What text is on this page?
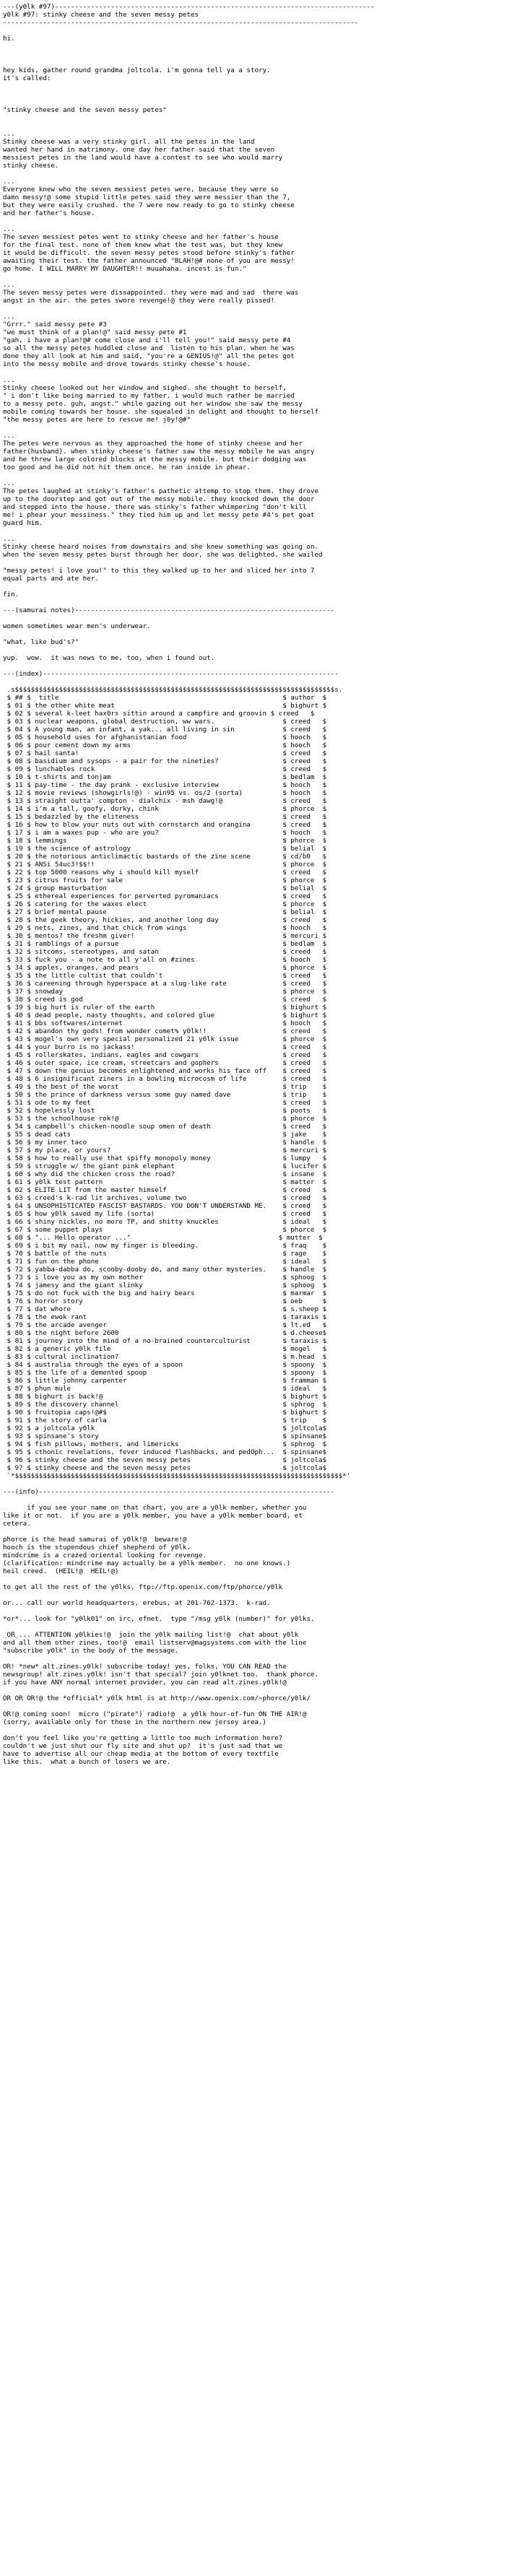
---(y0lk #97)--------------------------------------------------------------------------------
y0lk #97: stinky cheese and the seven messy petes
-----------------------------------------------------------------------------------------
hi.
hey kids, gather round grandma joltcola. i'm gonna tell ya a story.
it's called:
"stinky cheese and the seven messy petes"
...
Stinky cheese was a very stinky girl. all the petes in the land
wanted her hand in matrimony. one day her father said that the seven
messiest petes in the land would have a contest to see who would marry
stinky cheese.
...
Everyone knew who the seven messiest petes were, because they were so
damn messy!@ some stupid little petes said they were messier than the 7,
but they were easily crushed. the 7 were now ready to go to stinky cheese
and her father's house.
...
The seven messiest petes went to stinky cheese and her father's house
for the final test. none of them knew what the test was, but they knew
it would be difficult. the seven messy petes stood before stinky's father
awaiting their test. the father announced "BLAH!@# none of you are messy!
go home. I WILL MARRY MY DAUGHTER!! muuahaha. incest is fun."
...
The seven messy petes were dissappointed. they were mad and sad  there was
angst in the air. the petes swore revenge!@ they were really pissed!
...
"Grrr." said messy pete #3
"we must think of a plan!@" said messy pete #1
"gah, i have a plan!@# come close and i'll tell you!" said messy pete #4
so all the messy petes huddled close and  listen to his plan. when he was
done they all look at him and said, "you're a GENIUS!@" all the petes got
into the messy mobile and drove towards stinky cheese's house.
...
Stinky cheese looked out her window and sighed. she thought to herself,
" i don't like being married to my father. i would much rather be married
to a messy pete. guh, angst." while gazing out her window she saw the messy
mobile coming towards her house. she squealed in delight and thought to herself
"the messy petes are here to rescue me! j0y!@#"
...
The petes were nervous as they approached the home of stinky cheese and her
father(husband). when stinky cheese's father saw the messy mobile he was angry
and he threw large colored blocks at the messy mobile. but their dodging was
too good and he did not hit them once. he ran inside in phear.
...
The petes laughed at stinky's father's pathetic attemp to stop them. they drove
up to the doorstep and got out of the messy mobile. they knocked down the door
and stepped into the house. there was stinky's father whimpering "don't kill
me! i phear your messiness." they tied him up and let messy pete #4's pet goat
guard him.
...
Stinky cheese heard noises from downstairs and she knew something was going on.
when the seven messy petes burst through her door, she was delighted. she wailed
"messy petes! i love you!" to this they walked up to her and sliced her into 7
equal parts and ate her.
fin.
---(samurai notes)-----------------------------------------------------------------
women sometimes wear men's underwear.
"what, like bud's?"
yup.  wow.  it was news to me, too, when i found out.
---(index)--------------------------------------------------------------------------
.s$$$$$$$$$$$$$$$$$$$$$$$$$$$$$$$$$$$$$$$$$$$$$$$$$$$$$$$$$$$$$$$$$$$$$$$$$$$$$$$$s.
$ ## $  title                                                        $ author  $
$ 01 $ the other white meat                                          $ bighurt $
$ 02 $ several k-leet hax0rs sittin around a campfire and groovin $ creed   $
$ 03 $ nuclear weapons, global destruction, ww wars.                 $ creed   $
$ 04 $ A young man, an infant, a yak... all living in sin            $ creed   $
$ 05 $ household uses for afghanistanian food                        $ hooch   $
$ 06 $ pour cement down my arms                                      $ hooch   $
$ 07 $ hail santa!                                                   $ creed   $
$ 08 $ basidium and sysops - a pair for the nineties?                $ creed   $
$ 09 $ lunchables rock                                               $ creed   $
$ 10 $ t-shirts and tonjam                                           $ bedlam  $
$ 11 $ pay-time - the day prank - exclusive interview                $ hooch   $
$ 12 $ movie reviews (showgirls!@) - win95 vs. os/2 (sorta)          $ hooch   $
$ 13 $ straight outta' compton - dialchix - msh dawg!@               $ creed   $
$ 14 $ i'm a tall, goofy, dorky, chink                               $ phorce  $
$ 15 $ bedazzled by the eliteness                                    $ creed   $
$ 16 $ how to blow your nuts out with cornstarch and orangina        $ creed   $
$ 17 $ i am a waxes pup - who are you?                               $ hooch   $
$ 18 $ lemmings                                                      $ phorce  $
$ 19 $ the science of astrology                                      $ belial  $
$ 20 $ the notorious anticlimactic bastards of the zine scene        $ cd/b0   $
$ 21 $ ANSi 54uc3!$$!!                                               $ phorce  $
$ 22 $ top 5000 reasons why i should kill myself                     $ creed   $
$ 23 $ citrus fruits for sale                                        $ phorce  $
$ 24 $ group masturbation                                            $ belial  $
$ 25 $ ethereal experiences for perverted pyromaniacs                $ creed   $
$ 26 $ catering for the waxes elect                                  $ phorce  $
$ 27 $ brief mental pause                                            $ belial  $
$ 28 $ the geek theory, hickies, and another long day                $ creed   $
$ 29 $ nets, zines, and that chick from wings                        $ hooch   $
$ 30 $ mentos? the freshm giver!                                     $ mercuri $
$ 31 $ ramblings of a pursue                                         $ bedlam  $
$ 32 $ sitcoms, stereotypes, and satan                               $ creed   $
$ 33 $ fuck you - a note to all y'all on #zines                      $ hooch   $
$ 34 $ apples, oranges, and pears                                    $ phorce  $
$ 35 $ the little cultist that couldn't                              $ creed   $
$ 36 $ careening through hyperspace at a slug-like rate              $ creed   $
$ 37 $ snowday                                                       $ phorce  $
$ 38 $ creed is god                                                  $ creed   $
$ 39 $ big hurt is ruler of the earth                                $ bighurt $
$ 40 $ dead people, nasty thoughts, and colored glue                 $ bighurt $
$ 41 $ bbs softwares/internet                                        $ hooch   $
$ 42 $ abandon thy gods! from wonder comet% y0lk!!                   $ creed   $
$ 43 $ mogel's own very special personalized 21 y0lk issue           $ phorce  $
$ 44 $ your burro is no jackass!                                     $ creed   $
$ 45 $ rollerskates, indians, eagles and cowgars                     $ creed   $
$ 46 $ outer space, ice cream, streetcars and gophers                $ creed   $
$ 47 $ down the genius becomes enlightened and works his face off    $ creed   $
$ 48 $ 6 insignificant ziners in a bowling microcosm of life         $ creed   $
$ 49 $ the best of the worst                                         $ trip    $
$ 50 $ the prince of darkness versus some guy named dave             $ trip    $
$ 51 $ ode to my feet                                                $ creed   $
$ 52 $ hopelessly lost                                               $ poots   $
$ 53 $ the schoolhouse rok!@                                         $ phorce  $
$ 54 $ campbell's chicken-noodle soup omen of death                  $ creed   $
$ 55 $ dead cats                                                     $ jake    $
$ 56 $ my inner taco                                                 $ handle  $
$ 57 $ my place, or yours?                                           $ mercuri $
$ 58 $ how to really use that spiffy monopoly money                  $ lumpy   $
$ 59 $ struggle w/ the giant pink elephant                           $ lucifer $
$ 60 $ why did the chicken cross the road?                           $ insane  $
$ 61 $ y0lk test pattern                                             $ matter  $
$ 62 $ ELITE LIT from the master himself                             $ creed   $
$ 63 $ creed's k-rad lit archives, volume two                        $ creed   $
$ 64 $ UNSOPHISTICATED FASCIST BASTARDS. YOU DON'T UNDERSTAND ME.    $ creed   $
$ 65 $ how y0lk saved my life (sorta)                                $ creed   $
$ 66 $ shiny nickles, no more TP, and shitty knuckles                $ ideal   $
$ 67 $ some puppet plays                                             $ phorce  $
$ 68 $ "... Hello operator ..."                                     $ mutter  $
$ 69 $ i bit my nail, now my finger is bleeding.                     $ fraq    $
$ 70 $ battle of the nuts                                            $ rage    $
$ 71 $ fun on the phone                                              $ ideal   $
$ 72 $ yabba-dabba do, scooby-dooby do, and many other mysteries.    $ handle  $
$ 73 $ i love you as my own mother                                   $ sphoog  $
$ 74 $ jamesy and the giant slinky                                   $ sphoog  $
$ 75 $ do not fuck with the big and hairy bears                      $ marmar  $
$ 76 $ horror story                                                  $ oeb     $
$ 77 $ dat whore                                                     $ s.sheep $
$ 78 $ the ewok rant                                                 $ taraxis $
$ 79 $ the arcade avenger                                            $ lt.ed   $
$ 80 $ the night before 2600                                         $ d.cheese$
$ 81 $ journey into the mind of a no-brained counterculturist        $ taraxis $
$ 82 $ a generic y0lk file                                           $ mogel   $
$ 83 $ cultural inclination?                                         $ m.head  $
$ 84 $ australia through the eyes of a spoon                         $ spoony  $
$ 85 $ the life of a demented spoop                                  $ spoony  $
$ 86 $ little johnny carpenter                                       $ framman $
$ 87 $ phun mule                                                     $ ideal   $
$ 88 $ bighurt is back!@                                             $ bighurt $
$ 89 $ the discovery channel                                         $ sphrog  $
$ 90 $ fruitopia caps!@#$                                            $ bighurt $
$ 91 $ the story of carla                                            $ trip    $
$ 92 $ a joltcola y0lk                                               $ joltcola$
$ 93 $ spinsane's story                                              $ spinsane$
$ 94 $ fish pillows, mothers, and limericks                          $ sphrog  $
$ 95 $ cthonic revelations, fever induced flashbacks, and pedOph...  $ spinsane$
$ 96 $ stinky cheese and the seven messy petes                       $ joltcola$
$ 97 $ stinky cheese and the seven messy petes                       $ joltcola$
`*$$$$$$$$$$$$$$$$$$$$$$$$$$$$$$$$$$$$$$$$$$$$$$$$$$$$$$$$$$$$$$$$$$$$$$$$$$$$$$$$$$*'
---(info)--------------------------------------------------------------------------
if you see your name on that chart, you are a y0lk member, whether you
like it or not.  if you are a y0lk member, you have a y0lk member board, et
cetera.
phorce is the head samurai of y0lk!@  beware!@
hooch is the stupendous chief shepherd of y0lk.
mindcrime is a crazed oriental looking for revenge.
(clarification: mindcrime may actually be a y0lk member.  no one knows.)
heil creed.  (HEIL!@  HEIL!@)
to get all the rest of the y0lks, ftp://ftp.openix.com/ftp/phorce/y0lk
or... call our world headquarters, erebus, at 201-762-1373.  k-rad.
*or*... look for "y0lk01" on irc, efnet.  type "/msg y0lk (number)" for y0lks.
_OR_... ATTENTION y0lkies!@  join the y0lk mailing list!@  chat about y0lk
and all them other zines, too!@  email listserv@magsystems.com with the line
"subscribe y0lk" in the body of the message.
OR! *new* alt.zines.y0lk! subscribe today! yes, folks, YOU CAN READ the
newsgroup! alt.zines.y0lk! isn't that special? join y0lknet too.  thank phorce.
if you have ANY normal internet provider, you can read alt.zines.y0lk!@
OR OR OR!@ the *official* y0lk html is at http://www.openix.com/~phorce/y0lk/
OR!@ coming soon!  micro ("pirate") radio!@  a y0lk hour-of-fun ON THE AIR!@
(sorry, available only for those in the northern new jersey area.)
don't you feel like you're getting a little too much information here?
couldn't we just shut our fly site and shut up?  it's just sad that we
have to advertise all our cheap media at the bottom of every textfile
like this.  what a bunch of losers we are.
